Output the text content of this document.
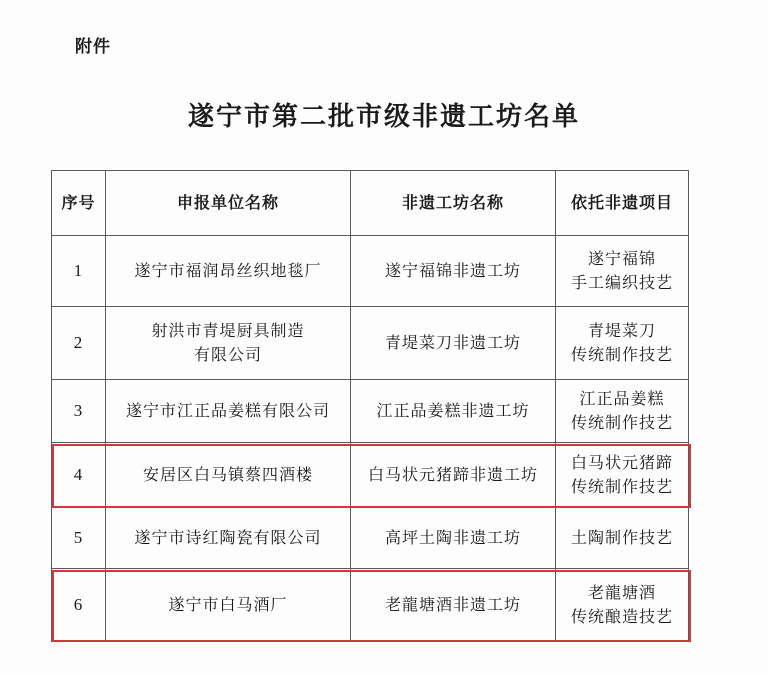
附件
遂宁市第二批市级非遗工坊名单
序号	申报单位名称	非遗工坊名称	依托非遗项目
1	遂宁市福润昂丝织地毯厂	遂宁福锦非遗工坊	遂宁福锦
手工编织技艺

2	射洪市青堤厨具制造
有限公司	青堤菜刀非遗工坊	青堤菜刀
传统制作技艺

3	遂宁市江正品姜糕有限公司	江正品姜糕非遗工坊	江正品姜糕
传统制作技艺

4	安居区白马镇蔡四酒楼	白马状元猪蹄非遗工坊	白马状元猪蹄
传统制作技艺

5	遂宁市诗红陶瓷有限公司	高坪土陶非遗工坊	土陶制作技艺

6	遂宁市白马酒厂	老龍塘酒非遗工坊	老龍塘酒
传统酿造技艺
